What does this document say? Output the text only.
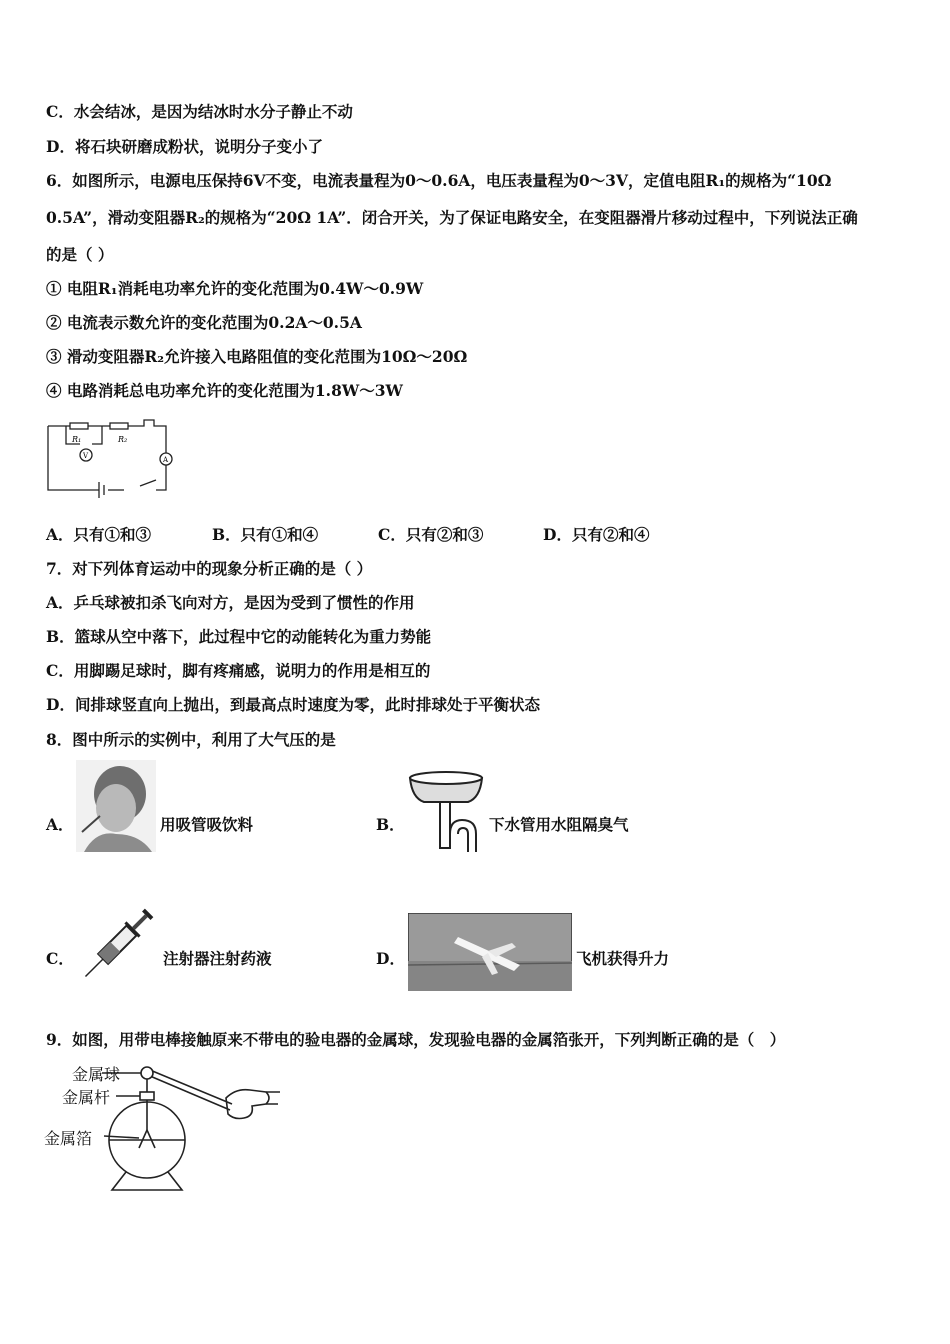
C．水会结冰，是因为结冰时水分子静止不动
D．将石块研磨成粉状，说明分子变小了
6．如图所示，电源电压保持6V不变，电流表量程为0～0.6A，电压表量程为0～3V，定值电阻R₁的规格为“10Ω
0.5A”，滑动变阻器R₂的规格为“20Ω 1A”．闭合开关，为了保证电路安全，在变阻器滑片移动过程中，下列说法正确
的是（ ）
① 电阻R₁消耗电功率允许的变化范围为0.4W～0.9W
② 电流表示数允许的变化范围为0.2A～0.5A
③ 滑动变阻器R₂允许接入电路阻值的变化范围为10Ω～20Ω
④ 电路消耗总电功率允许的变化范围为1.8W～3W
R₁	R₂
V	A
A．只有①和③	B．只有①和④	C．只有②和③	D．只有②和④
7．对下列体育运动中的现象分析正确的是（ ）
A．乒乓球被扣杀飞向对方，是因为受到了惯性的作用
B．篮球从空中落下，此过程中它的动能转化为重力势能
C．用脚踢足球时，脚有疼痛感，说明力的作用是相互的
D．间排球竖直向上抛出，到最高点时速度为零，此时排球处于平衡状态
8．图中所示的实例中，利用了大气压的是
A．	用吸管吸饮料	B．	下水管用水阻隔臭气
C．	注射器注射药液	D．	飞机获得升力
9．如图，用带电棒接触原来不带电的验电器的金属球，发现验电器的金属箔张开，下列判断正确的是（　）
金属球
金属杆
金属箔
